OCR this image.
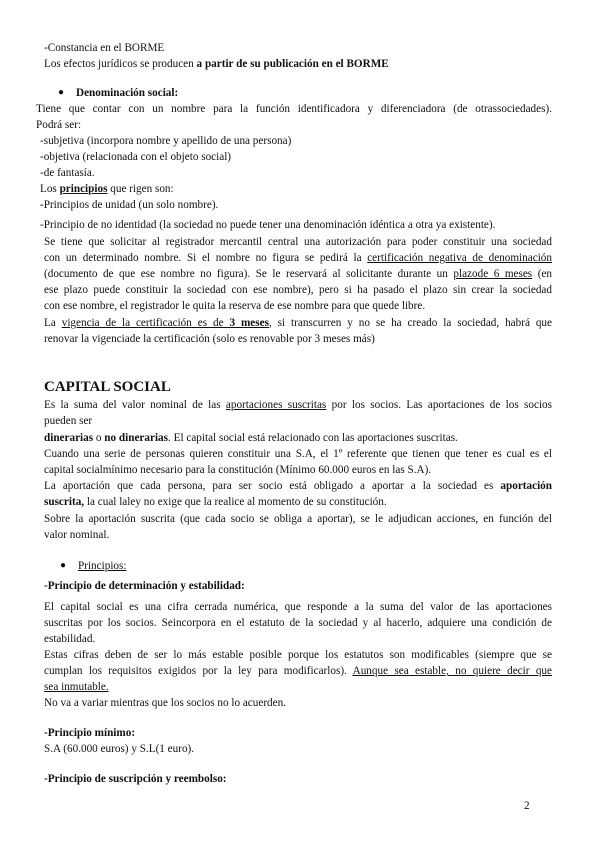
-Constancia en el BORME
Los efectos jurídicos se producen a partir de su publicación en el BORME
● Denominación social:
Tiene que contar con un nombre para la función identificadora y diferenciadora (de otrassociedades).
Podrá ser:
-subjetiva (incorpora nombre y apellido de una persona)
-objetiva (relacionada con el objeto social)
-de fantasía.
Los principios que rigen son:
-Principios de unidad (un solo nombre).
-Principio de no identidad (la sociedad no puede tener una denominación idéntica a otra ya existente).
Se tiene que solicitar al registrador mercantil central una autorización para poder constituir una sociedad
con un determinado nombre. Si el nombre no figura se pedirá la certificación negativa de denominación
(documento de que ese nombre no figura). Se le reservará al solicitante durante un plazode 6 meses (en
ese plazo puede constituir la sociedad con ese nombre), pero si ha pasado el plazo sin crear la sociedad
con ese nombre, el registrador le quita la reserva de ese nombre para que quede libre.
La vigencia de la certificación es de 3 meses, si transcurren y no se ha creado la sociedad, habrá que
renovar la vigenciade la certificación (solo es renovable por 3 meses más)
CAPITAL SOCIAL
Es la suma del valor nominal de las aportaciones suscritas por los socios. Las aportaciones de los socios
pueden ser
dinerarias o no dinerarias. El capital social está relacionado con las aportaciones suscritas.
Cuando una serie de personas quieren constituir una S.A, el 1º referente que tienen que tener es cual es el
capital socialmínimo necesario para la constitución (Mínimo 60.000 euros en las S.A).
La aportación que cada persona, para ser socio está obligado a aportar a la sociedad es aportación
suscrita, la cual laley no exige que la realice al momento de su constitución.
Sobre la aportación suscrita (que cada socio se obliga a aportar), se le adjudican acciones, en función del
valor nominal.
● Principios:
-Principio de determinación y estabilidad:
El capital social es una cifra cerrada numérica, que responde a la suma del valor de las aportaciones
suscritas por los socios. Seincorpora en el estatuto de la sociedad y al hacerlo, adquiere una condición de
estabilidad.
Estas cifras deben de ser lo más estable posible porque los estatutos son modificables (siempre que se
cumplan los requisitos exigidos por la ley para modificarlos). Aunque sea estable, no quiere decir que
sea inmutable.
No va a variar mientras que los socios no lo acuerden.
-Principio mínimo:
S.A (60.000 euros) y S.L(1 euro).
-Principio de suscripción y reembolso:
2
